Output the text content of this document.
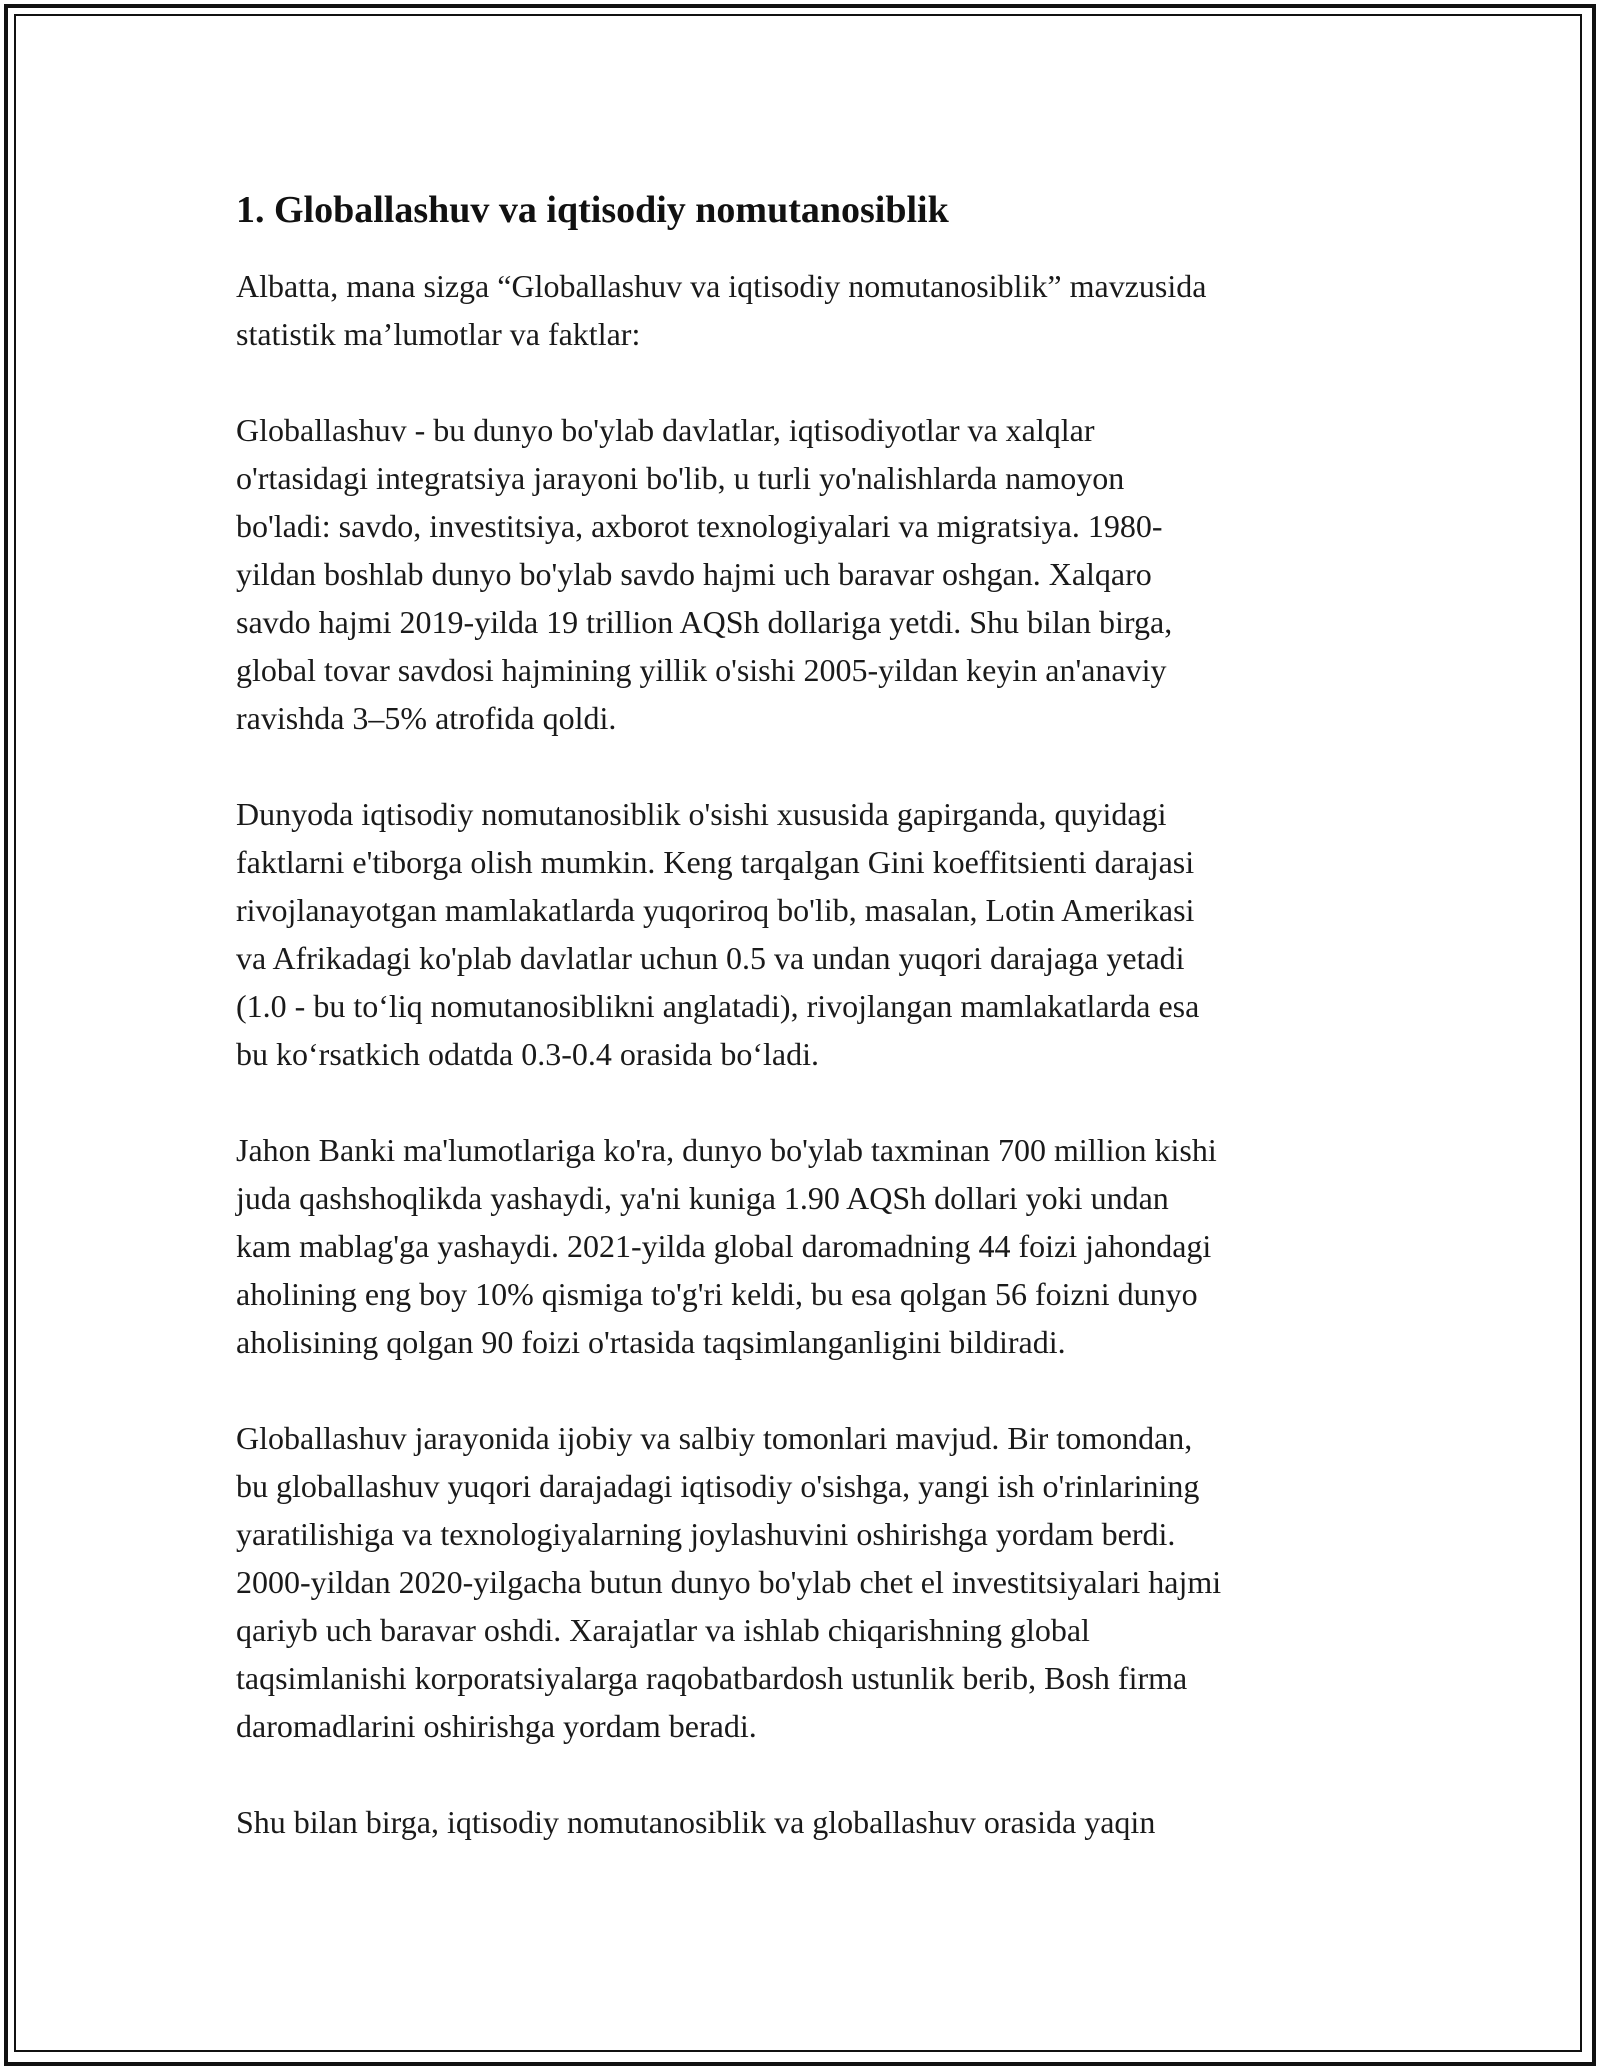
1. Globallashuv va iqtisodiy nomutanosiblik

Albatta, mana sizga “Globallashuv va iqtisodiy nomutanosiblik” mavzusida
statistik ma’lumotlar va faktlar:

Globallashuv - bu dunyo bo'ylab davlatlar, iqtisodiyotlar va xalqlar
o'rtasidagi integratsiya jarayoni bo'lib, u turli yo'nalishlarda namoyon
bo'ladi: savdo, investitsiya, axborot texnologiyalari va migratsiya. 1980-
yildan boshlab dunyo bo'ylab savdo hajmi uch baravar oshgan. Xalqaro
savdo hajmi 2019-yilda 19 trillion AQSh dollariga yetdi. Shu bilan birga,
global tovar savdosi hajmining yillik o'sishi 2005-yildan keyin an'anaviy
ravishda 3–5% atrofida qoldi.

Dunyoda iqtisodiy nomutanosiblik o'sishi xususida gapirganda, quyidagi
faktlarni e'tiborga olish mumkin. Keng tarqalgan Gini koeffitsienti darajasi
rivojlanayotgan mamlakatlarda yuqoriroq bo'lib, masalan, Lotin Amerikasi
va Afrikadagi ko'plab davlatlar uchun 0.5 va undan yuqori darajaga yetadi
(1.0 - bu to‘liq nomutanosiblikni anglatadi), rivojlangan mamlakatlarda esa
bu ko‘rsatkich odatda 0.3-0.4 orasida bo‘ladi.

Jahon Banki ma'lumotlariga ko'ra, dunyo bo'ylab taxminan 700 million kishi
juda qashshoqlikda yashaydi, ya'ni kuniga 1.90 AQSh dollari yoki undan
kam mablag'ga yashaydi. 2021-yilda global daromadning 44 foizi jahondagi
aholining eng boy 10% qismiga to'g'ri keldi, bu esa qolgan 56 foizni dunyo
aholisining qolgan 90 foizi o'rtasida taqsimlanganligini bildiradi.

Globallashuv jarayonida ijobiy va salbiy tomonlari mavjud. Bir tomondan,
bu globallashuv yuqori darajadagi iqtisodiy o'sishga, yangi ish o'rinlarining
yaratilishiga va texnologiyalarning joylashuvini oshirishga yordam berdi.
2000-yildan 2020-yilgacha butun dunyo bo'ylab chet el investitsiyalari hajmi
qariyb uch baravar oshdi. Xarajatlar va ishlab chiqarishning global
taqsimlanishi korporatsiyalarga raqobatbardosh ustunlik berib, Bosh firma
daromadlarini oshirishga yordam beradi.

Shu bilan birga, iqtisodiy nomutanosiblik va globallashuv orasida yaqin
